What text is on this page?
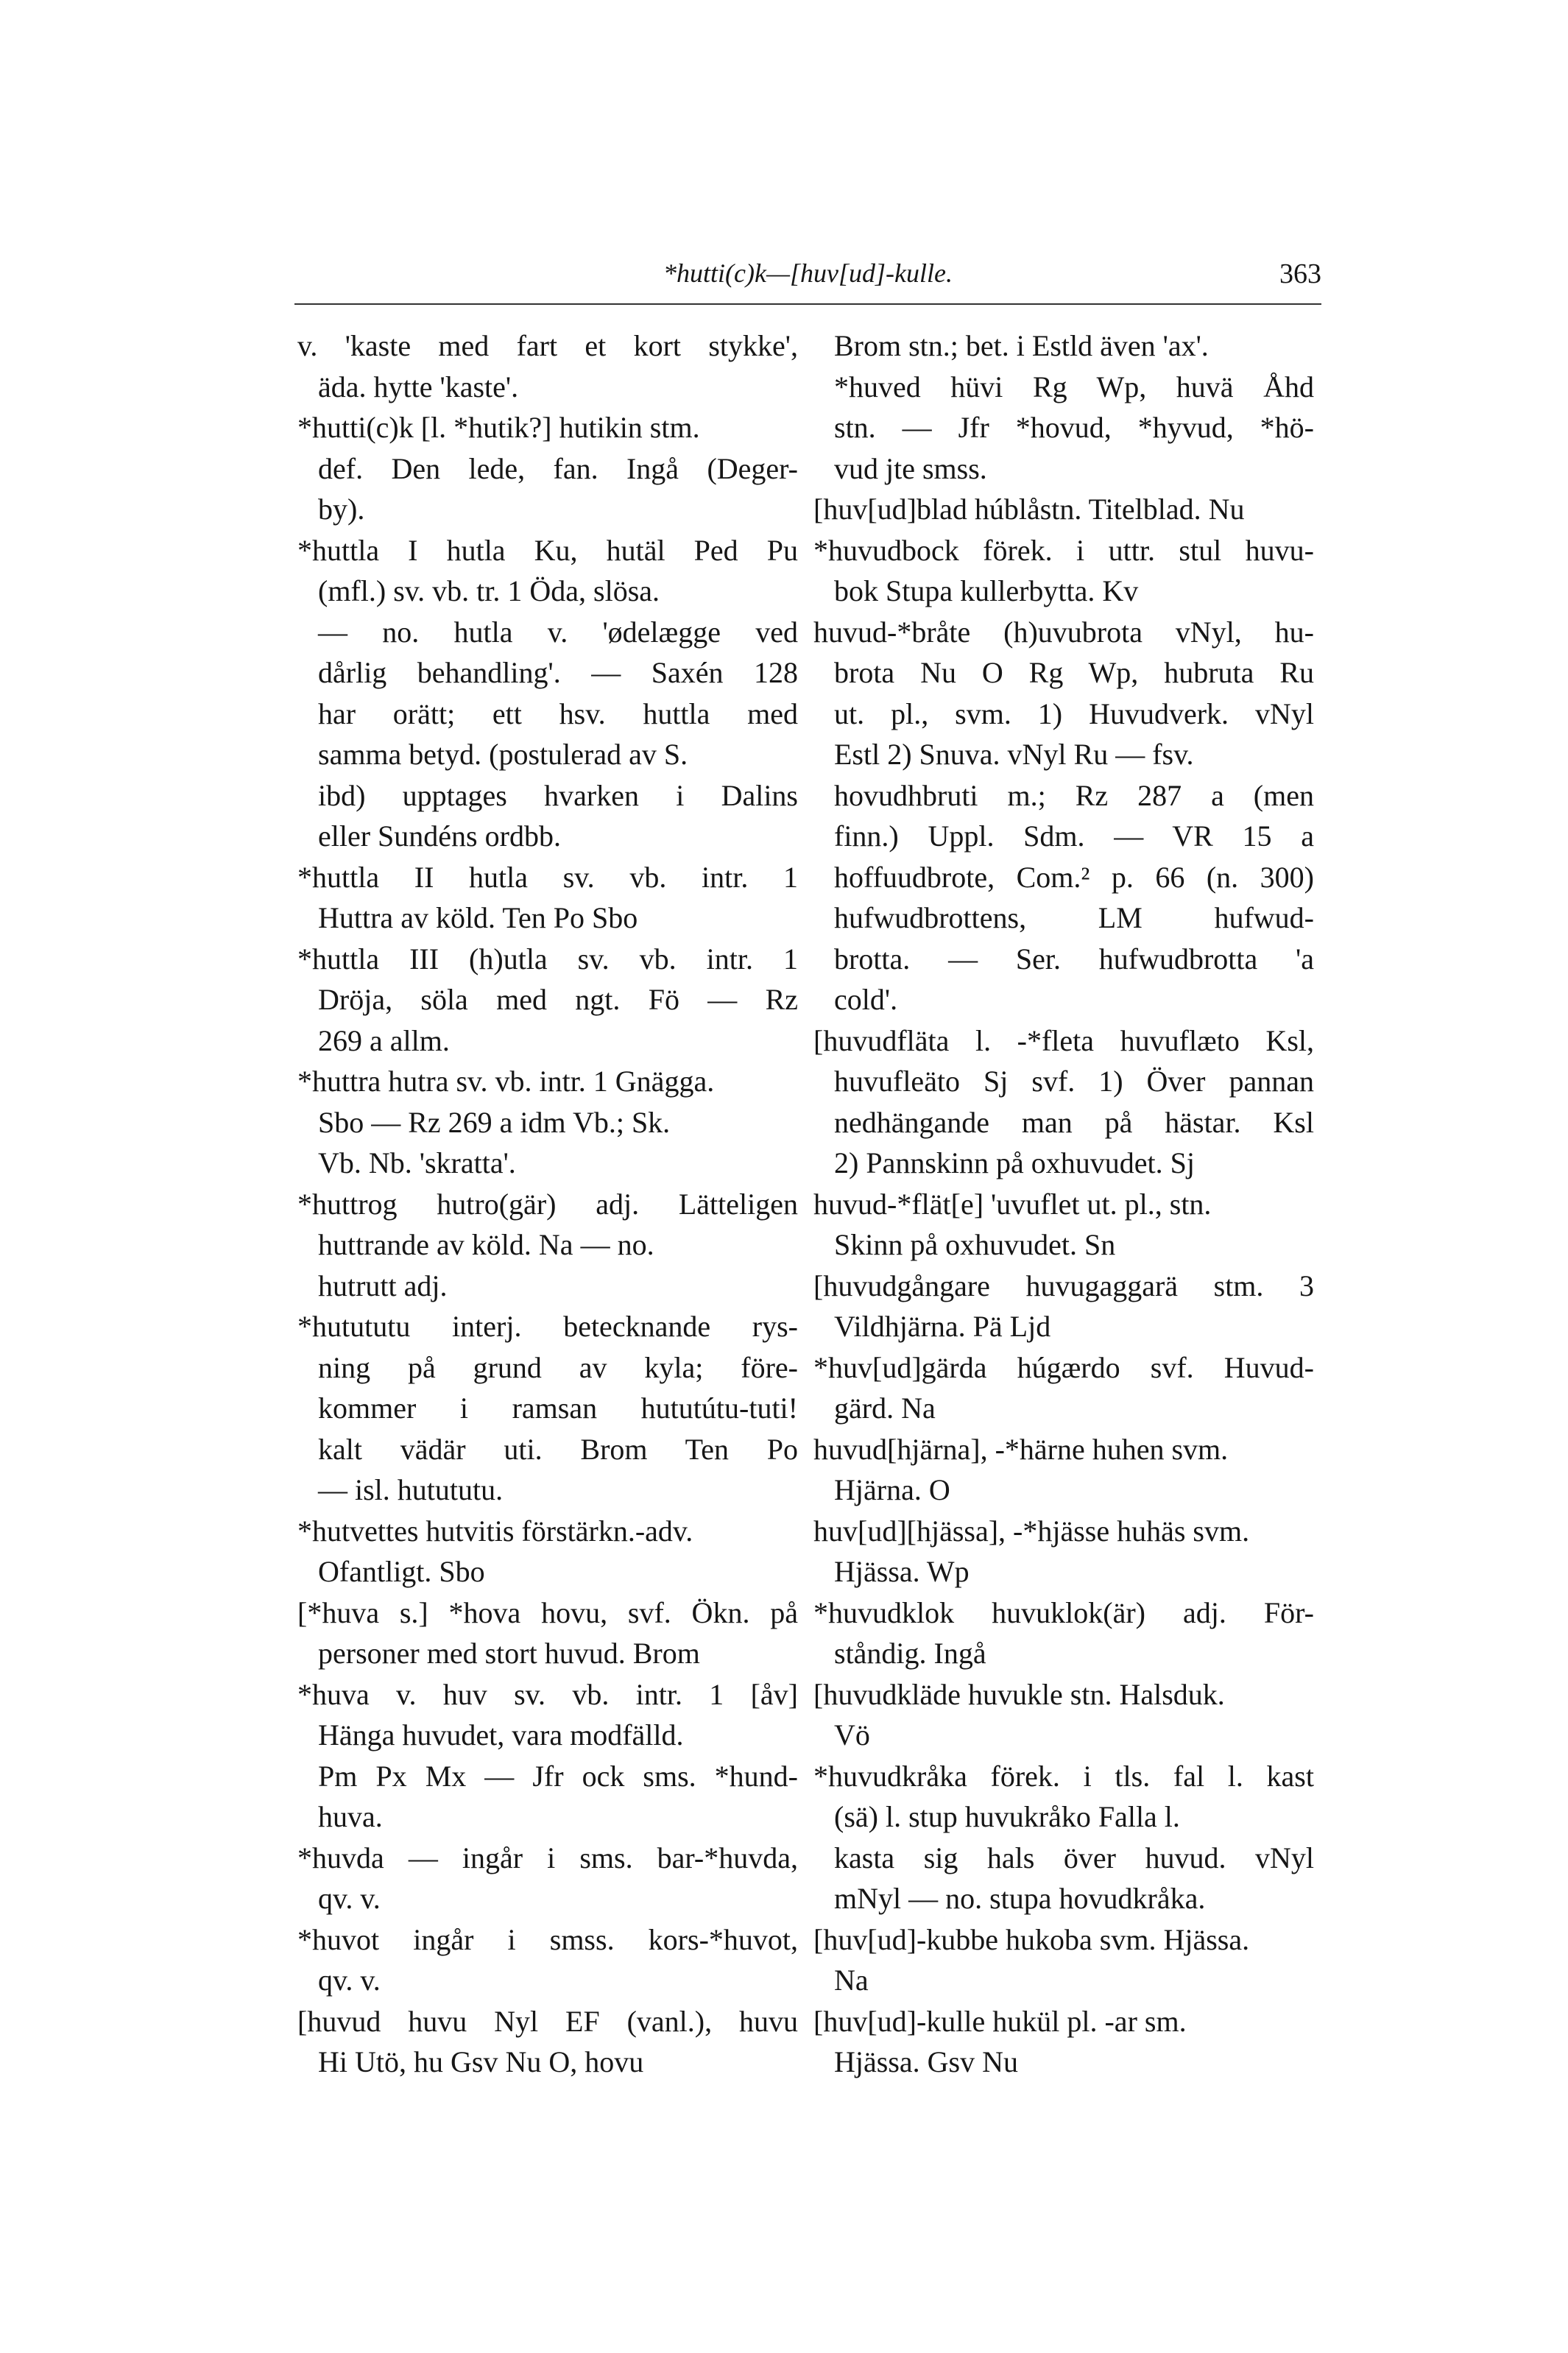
*hutti(c)k—[huv[ud]-kulle.	363
v. 'kaste med fart et kort stykke',
äda. hytte 'kaste'.
*hutti(c)k [l. *hutik?] hutikin stm.
def. Den lede, fan. Ingå (Deger-
by).
*huttla I hutla Ku, hutäl Ped Pu
(mfl.) sv. vb. tr. 1 Öda, slösa.
— no. hutla v. 'ødelægge ved
dårlig behandling'. — Saxén 128
har orätt; ett hsv. huttla med
samma betyd. (postulerad av S.
ibd) upptages hvarken i Dalins
eller Sundéns ordbb.
*huttla II hutla sv. vb. intr. 1
Huttra av köld. Ten Po Sbo
*huttla III (h)utla sv. vb. intr. 1
Dröja, söla med ngt. Fö — Rz
269 a allm.
*huttra hutra sv. vb. intr. 1 Gnägga.
Sbo — Rz 269 a idm Vb.; Sk.
Vb. Nb. 'skratta'.
*huttrog hutro(gär) adj. Lätteligen
huttrande av köld. Na — no.
hutrutt adj.
*hutututu interj. betecknande rys-
ning på grund av kyla; före-
kommer i ramsan hututútu-tuti!
kalt vädär uti. Brom Ten Po
— isl. hutututu.
*hutvettes hutvitis förstärkn.-adv.
Ofantligt. Sbo
[*huva s.] *hova hovu, svf. Ökn. på
personer med stort huvud. Brom
*huva v. huv sv. vb. intr. 1 [åv]
Hänga huvudet, vara modfälld.
Pm Px Mx — Jfr ock sms. *hund-
huva.
*huvda — ingår i sms. bar-*huvda,
qv. v.
*huvot ingår i smss. kors-*huvot,
qv. v.
[huvud huvu Nyl EF (vanl.), huvu
Hi Utö, hu Gsv Nu O, hovu
Brom stn.; bet. i Estld även 'ax'.
*huved hüvi Rg Wp, huvä Åhd
stn. — Jfr *hovud, *hyvud, *hö-
vud jte smss.
[huv[ud]blad húblåstn. Titelblad. Nu
*huvudbock förek. i uttr. stul huvu-
bok Stupa kullerbytta. Kv
huvud-*bråte (h)uvubrota vNyl, hu-
brota Nu O Rg Wp, hubruta Ru
ut. pl., svm. 1) Huvudverk. vNyl
Estl 2) Snuva. vNyl Ru — fsv.
hovudhbruti m.; Rz 287 a (men
finn.) Uppl. Sdm. — VR 15 a
hoffuudbrote, Com.² p. 66 (n. 300)
hufwudbrottens, LM hufwud-
brotta. — Ser. hufwudbrotta 'a
cold'.
[huvudfläta l. -*fleta huvuflæto Ksl,
huvufleäto Sj svf. 1) Över pannan
nedhängande man på hästar. Ksl
2) Pannskinn på oxhuvudet. Sj
huvud-*flät[e] 'uvuflet ut. pl., stn.
Skinn på oxhuvudet. Sn
[huvudgångare huvugaggarä stm. 3
Vildhjärna. Pä Ljd
*huv[ud]gärda húgærdo svf. Huvud-
gärd. Na
huvud[hjärna], -*härne huhen svm.
Hjärna. O
huv[ud][hjässa], -*hjässe huhäs svm.
Hjässa. Wp
*huvudklok huvuklok(är) adj. För-
ståndig. Ingå
[huvudkläde huvukle stn. Halsduk.
Vö
*huvudkråka förek. i tls. fal l. kast
(sä) l. stup huvukråko Falla l.
kasta sig hals över huvud. vNyl
mNyl — no. stupa hovudkråka.
[huv[ud]-kubbe hukoba svm. Hjässa.
Na
[huv[ud]-kulle hukül pl. -ar sm.
Hjässa. Gsv Nu
